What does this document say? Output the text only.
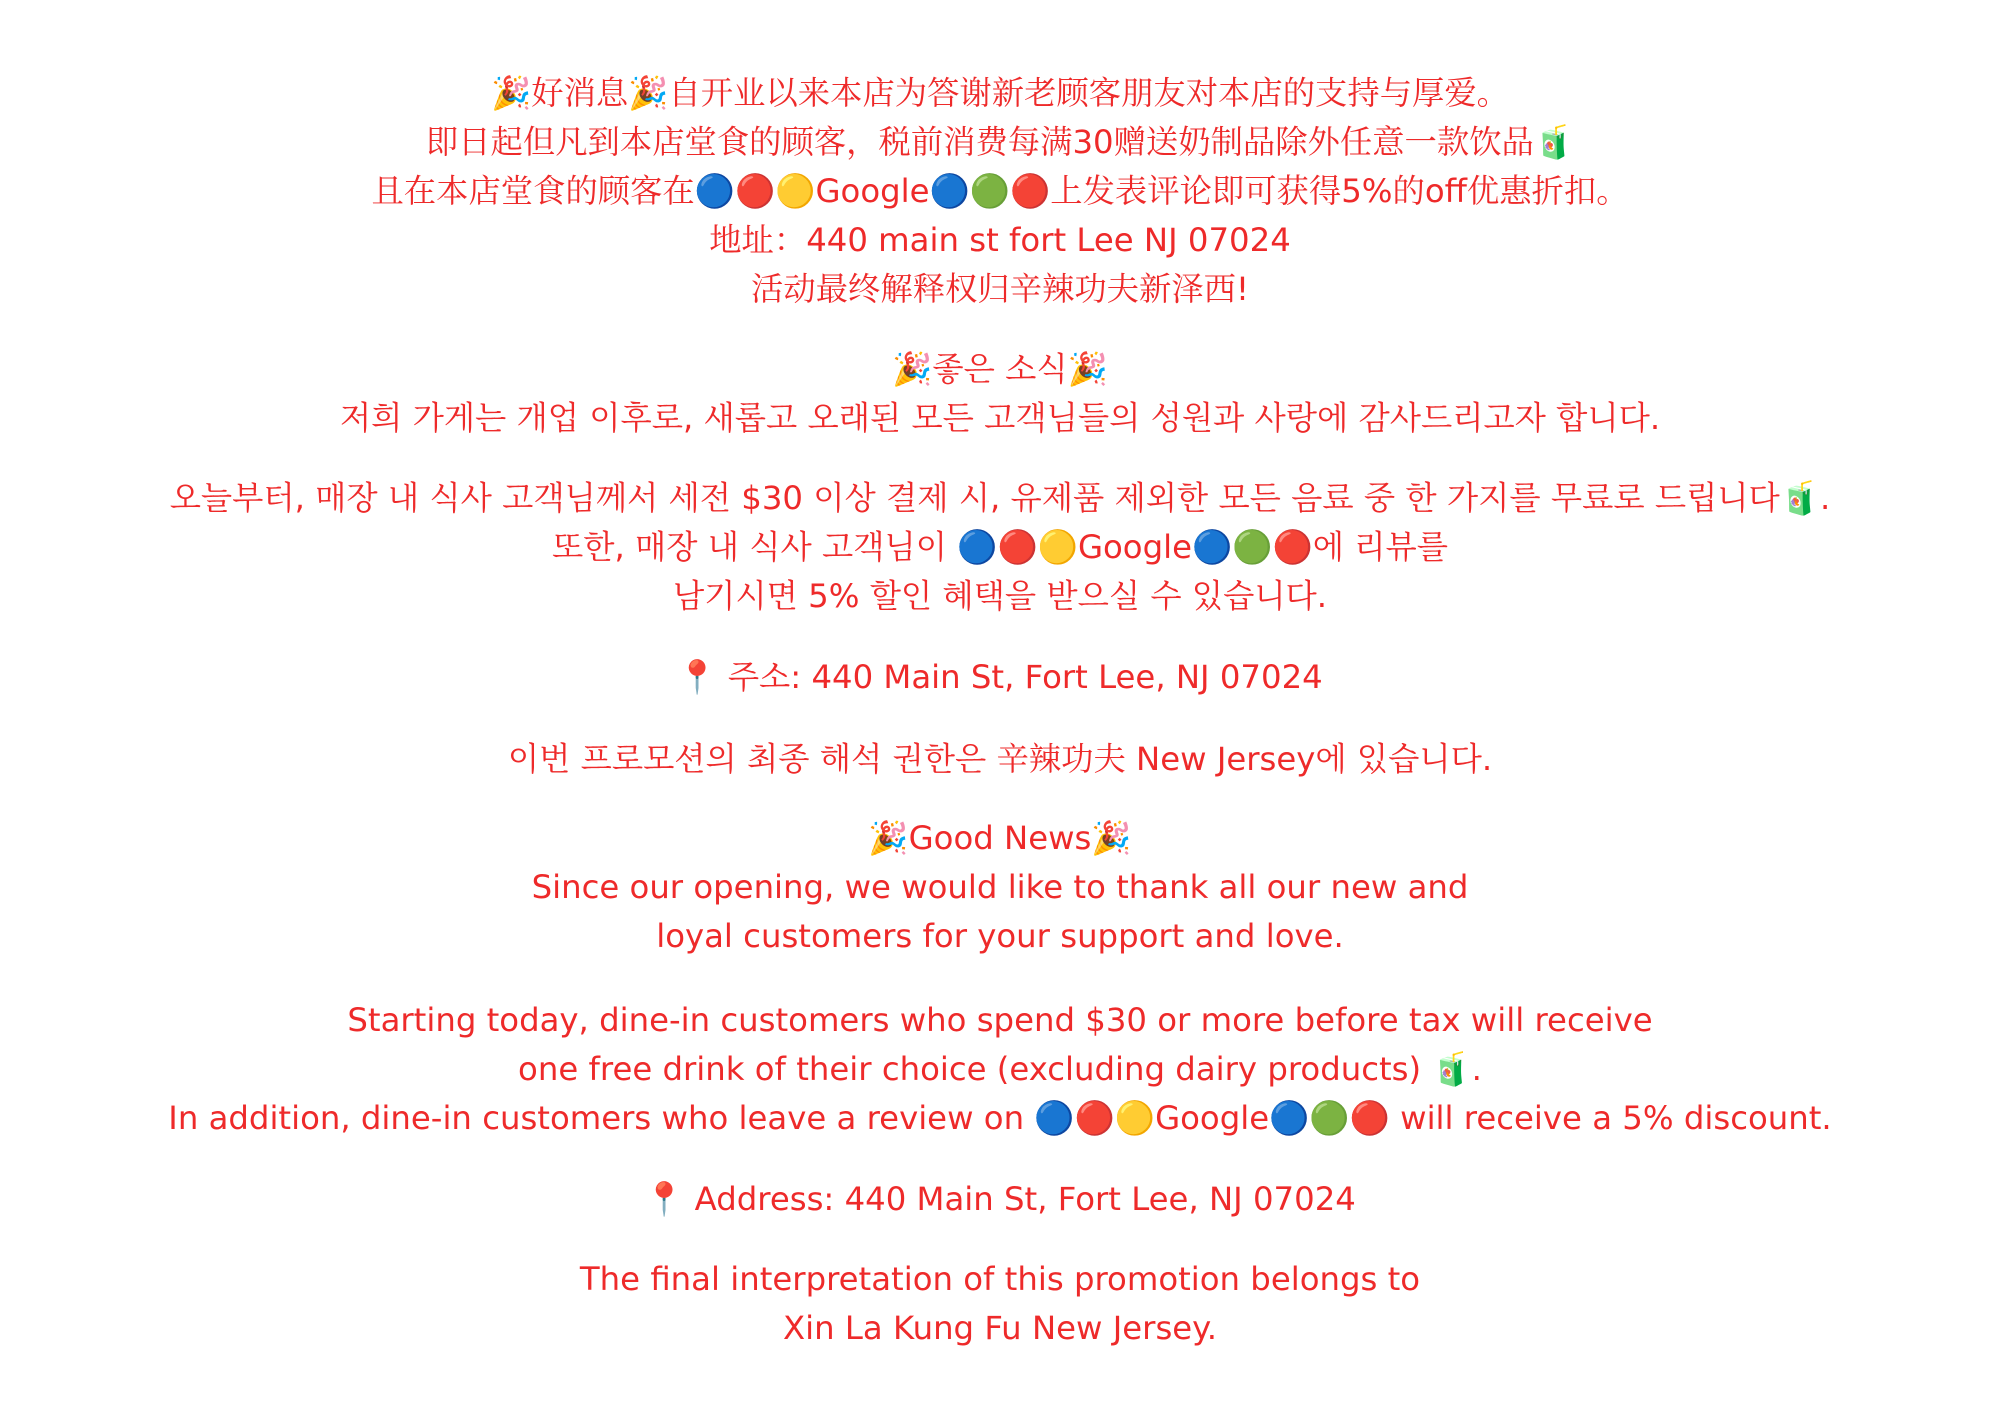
🎉好消息🎉自开业以来本店为答谢新老顾客朋友对本店的支持与厚爱。
即日起但凡到本店堂食的顾客，税前消费每满30赠送奶制品除外任意一款饮品🧃
且在本店堂食的顾客在🔵🔴🟡Google🔵🟢🔴上发表评论即可获得5%的off优惠折扣。
地址：440 main st fort Lee NJ 07024
活动最终解释权归辛辣功夫新泽西!
🎉좋은 소식🎉
저희 가게는 개업 이후로, 새롭고 오래된 모든 고객님들의 성원과 사랑에 감사드리고자 합니다.
오늘부터, 매장 내 식사 고객님께서 세전 $30 이상 결제 시, 유제품 제외한 모든 음료 중 한 가지를 무료로 드립니다🧃.
또한, 매장 내 식사 고객님이 🔵🔴🟡Google🔵🟢🔴에 리뷰를
남기시면 5% 할인 혜택을 받으실 수 있습니다.
📍 주소: 440 Main St, Fort Lee, NJ 07024
이번 프로모션의 최종 해석 권한은 辛辣功夫 New Jersey에 있습니다.
🎉Good News🎉
Since our opening, we would like to thank all our new and
loyal customers for your support and love.
Starting today, dine-in customers who spend $30 or more before tax will receive
one free drink of their choice (excluding dairy products) 🧃.
In addition, dine-in customers who leave a review on 🔵🔴🟡Google🔵🟢🔴 will receive a 5% discount.
📍 Address: 440 Main St, Fort Lee, NJ 07024
The final interpretation of this promotion belongs to
Xin La Kung Fu New Jersey.
